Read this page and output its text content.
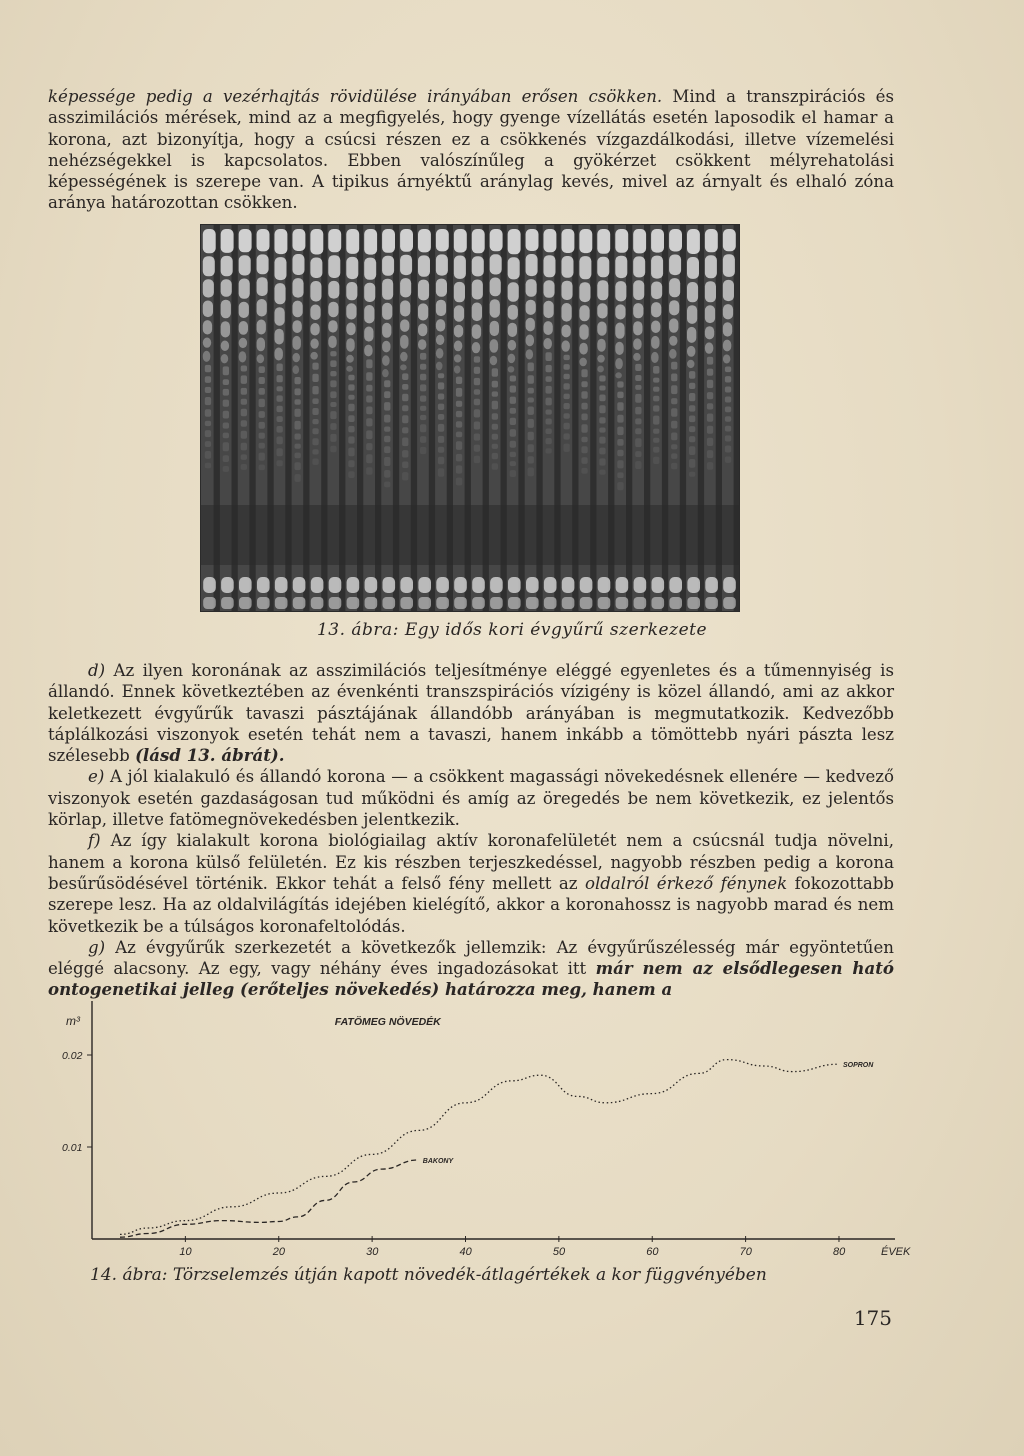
képessége pedig a vezérhajtás rövidülése irányában erősen csökken. Mind a transzpirációs és asszimilációs mérések, mind az a megfigyelés, hogy gyenge vízellátás esetén laposodik el hamar a korona, azt bizonyítja, hogy a csúcsi részen ez a csökkenés vízgazdálkodási, illetve vízemelési nehézségekkel is kapcsolatos. Ebben valószínűleg a gyökérzet csökkent mélyrehatolási képességének is szerepe van. A tipikus árnyéktű aránylag kevés, mivel az árnyalt és elhaló zóna aránya határozottan csökken.

13. ábra: Egy idős kori évgyűrű szerkezete

d) Az ilyen koronának az asszimilációs teljesítménye eléggé egyenletes és a tűmennyiség is állandó. Ennek következtében az évenkénti transzspirációs vízigény is közel állandó, ami az akkor keletkezett évgyűrűk tavaszi pásztájának állandóbb arányában is megmutatkozik. Kedvezőbb táplálkozási viszonyok esetén tehát nem a tavaszi, hanem inkább a tömöttebb nyári pászta lesz szélesebb (lásd 13. ábrát).

e) A jól kialakuló és állandó korona — a csökkent magassági növekedésnek ellenére — kedvező viszonyok esetén gazdaságosan tud működni és amíg az öregedés be nem következik, ez jelentős körlap, illetve fatömegnövekedésben jelentkezik.

f) Az így kialakult korona biológiailag aktív koronafelületét nem a csúcsnál tudja növelni, hanem a korona külső felületén. Ez kis részben terjeszkedéssel, nagyobb részben pedig a korona besűrűsödésével történik. Ekkor tehát a felső fény mellett az oldalról érkező fénynek fokozottabb szerepe lesz. Ha az oldalvilágítás idejében kielégítő, akkor a koronahossz is nagyobb marad és nem következik be a túlságos koronafeltolódás.

g) Az évgyűrűk szerkezetét a következők jellemzik: Az évgyűrűszélesség már egyöntetűen eléggé alacsony. Az egy, vagy néhány éves ingadozásokat itt már nem az elsődlegesen ható ontogenetikai jelleg (erőteljes növekedés) határozza meg, hanem a

m³	FATÖMEG NÖVEDÉK
0.01
0.02
10	20	30	40	50	60	70	80	ÉVEK
SOPRON
BAKONY
14. ábra: Törzselemzés útján kapott növedék-átlagértékek a kor függvényében
175
